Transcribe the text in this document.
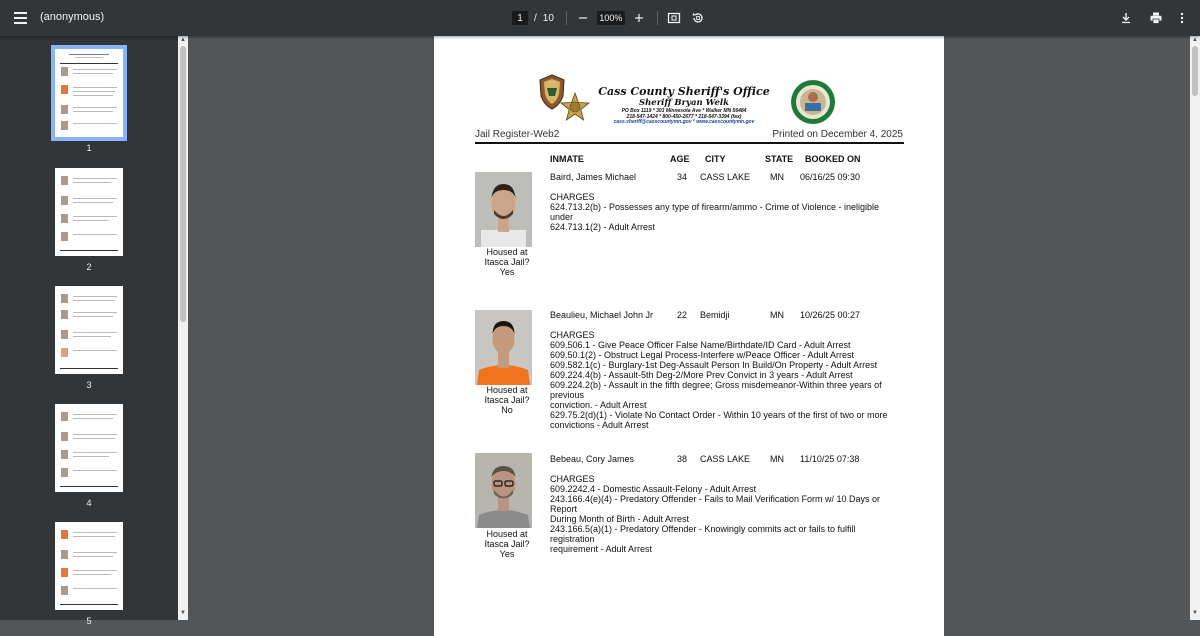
(anonymous)
1	/ 10
100%
1
2
3
4
5
▲
▼
Cass County Sheriff's Office
Sheriff Bryan Welk
PO Box 1119 * 303 Minnesota Ave * Walker MN 56484
218-547-1424 * 800-450-2677 * 218-547-3394 (fax)
cass.sheriff@casscountymn.gov * www.casscountymn.gov
Jail Register-Web2	Printed on December 4, 2025
INMATE	AGE CITY	STATE BOOKED ON
Baird, James Michael	34 CASS LAKE MN 06/16/25 09:30
CHARGES
624.713.2(b) - Possesses any type of firearm/ammo - Crime of Violence - ineligible under
624.713.1(2) - Adult Arrest
Housed at
Itasca Jail?
Yes
Beaulieu, Michael John Jr	22 Bemidji	MN 10/26/25 00:27
CHARGES
609.506.1 - Give Peace Officer False Name/Birthdate/ID Card - Adult Arrest
609.50.1(2) - Obstruct Legal Process-Interfere w/Peace Officer - Adult Arrest
609.582.1(c) - Burglary-1st Deg-Assault Person In Build/On Property - Adult Arrest
609.224.4(b) - Assault-5th Deg-2/More Prev Convict in 3 years - Adult Arrest
609.224.2(b) - Assault in the fifth degree; Gross misdemeanor-Within three years of previous
conviction. - Adult Arrest
629.75.2(d)(1) - Violate No Contact Order - Within 10 years of the first of two or more
convictions - Adult Arrest
Housed at
Itasca Jail?
No
Bebeau, Cory James	38 CASS LAKE MN 11/10/25 07:38
CHARGES
609.2242.4 - Domestic Assault-Felony - Adult Arrest
243.166.4(e)(4) - Predatory Offender - Fails to Mail Verification Form w/ 10 Days or Report
During Month of Birth - Adult Arrest
243.166.5(a)(1) - Predatory Offender - Knowingly commits act or fails to fulfill registration
requirement - Adult Arrest
Housed at
Itasca Jail?
Yes
▲
▼
